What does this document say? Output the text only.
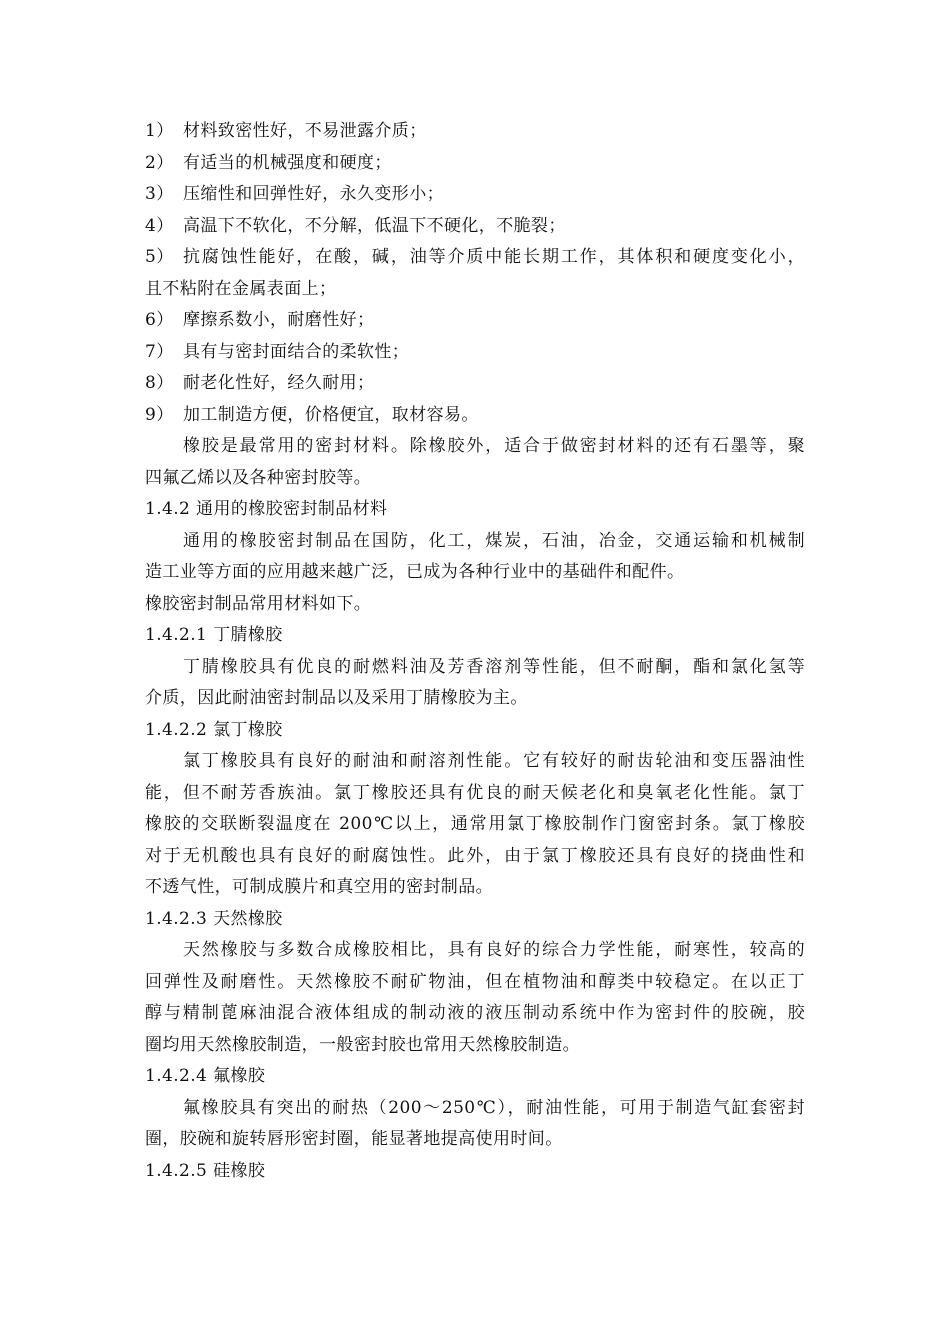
1） 材料致密性好，不易泄露介质；
2） 有适当的机械强度和硬度；
3） 压缩性和回弹性好，永久变形小；
4） 高温下不软化，不分解，低温下不硬化，不脆裂；
5） 抗腐蚀性能好，在酸，碱，油等介质中能长期工作，其体积和硬度变化小，
且不粘附在金属表面上；
6） 摩擦系数小，耐磨性好；
7） 具有与密封面结合的柔软性；
8） 耐老化性好，经久耐用；
9） 加工制造方便，价格便宜，取材容易。
橡胶是最常用的密封材料。除橡胶外，适合于做密封材料的还有石墨等，聚
四氟乙烯以及各种密封胶等。
1.4.2 通用的橡胶密封制品材料
通用的橡胶密封制品在国防，化工，煤炭，石油，冶金，交通运输和机械制
造工业等方面的应用越来越广泛，已成为各种行业中的基础件和配件。
橡胶密封制品常用材料如下。
1.4.2.1 丁腈橡胶
丁腈橡胶具有优良的耐燃料油及芳香溶剂等性能，但不耐酮，酯和氯化氢等
介质，因此耐油密封制品以及采用丁腈橡胶为主。
1.4.2.2 氯丁橡胶
氯丁橡胶具有良好的耐油和耐溶剂性能。它有较好的耐齿轮油和变压器油性
能，但不耐芳香族油。氯丁橡胶还具有优良的耐天候老化和臭氧老化性能。氯丁
橡胶的交联断裂温度在 200℃以上，通常用氯丁橡胶制作门窗密封条。氯丁橡胶
对于无机酸也具有良好的耐腐蚀性。此外，由于氯丁橡胶还具有良好的挠曲性和
不透气性，可制成膜片和真空用的密封制品。
1.4.2.3 天然橡胶
天然橡胶与多数合成橡胶相比，具有良好的综合力学性能，耐寒性，较高的
回弹性及耐磨性。天然橡胶不耐矿物油，但在植物油和醇类中较稳定。在以正丁
醇与精制蓖麻油混合液体组成的制动液的液压制动系统中作为密封件的胶碗，胶
圈均用天然橡胶制造，一般密封胶也常用天然橡胶制造。
1.4.2.4 氟橡胶
氟橡胶具有突出的耐热（200～250℃），耐油性能，可用于制造气缸套密封
圈，胶碗和旋转唇形密封圈，能显著地提高使用时间。
1.4.2.5 硅橡胶
